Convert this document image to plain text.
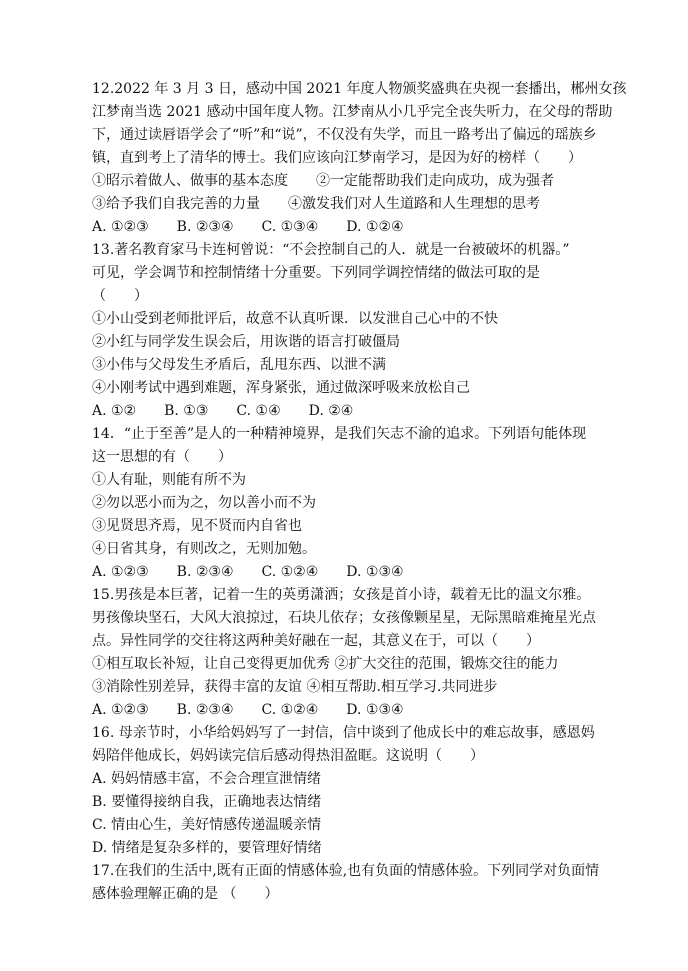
12.2022 年 3 月 3 日，感动中国 2021 年度人物颁奖盛典在央视一套播出，郴州女孩
江梦南当选 2021 感动中国年度人物。江梦南从小几乎完全丧失听力，在父母的帮助
下，通过读唇语学会了“听”和“说”，不仅没有失学，而且一路考出了偏远的瑶族乡
镇，直到考上了清华的博士。我们应该向江梦南学习，是因为好的榜样（　　）
①昭示着做人、做事的基本态度　　②一定能帮助我们走向成功，成为强者
③给予我们自我完善的力量　　④激发我们对人生道路和人生理想的思考
A. ①②③　　B. ②③④　　C. ①③④　　D. ①②④
13.著名教育家马卡连柯曾说：“不会控制自己的人．就是一台被破坏的机器。”
可见，学会调节和控制情绪十分重要。下列同学调控情绪的做法可取的是
（　　）
①小山受到老师批评后，故意不认真听课．以发泄自己心中的不快
②小红与同学发生误会后，用诙谐的语言打破僵局
③小伟与父母发生矛盾后，乱甩东西、以泄不满
④小刚考试中遇到难题，浑身紧张，通过做深呼吸来放松自己
A. ①②　　B. ①③　　C. ①④　　D. ②④
14．“止于至善”是人的一种精神境界，是我们矢志不渝的追求。下列语句能体现
这一思想的有（　　）
①人有耻，则能有所不为
②勿以恶小而为之，勿以善小而不为
③见贤思齐焉，见不贤而内自省也
④日省其身，有则改之，无则加勉。
A. ①②③　　B. ②③④　　C. ①②④　　D. ①③④
15.男孩是本巨著，记着一生的英勇潇洒；女孩是首小诗，载着无比的温文尔雅。
男孩像块坚石，大风大浪掠过，石块儿依存；女孩像颗星星，无际黑暗难掩星光点
点。异性同学的交往将这两种美好融在一起，其意义在于，可以（　　）
①相互取长补短，让自己变得更加优秀 ②扩大交往的范围，锻炼交往的能力
③消除性别差异，获得丰富的友谊 ④相互帮助.相互学习.共同进步
A. ①②③　　B. ②③④　　C. ①②④　　D. ①③④
16. 母亲节时，小华给妈妈写了一封信，信中谈到了他成长中的难忘故事，感恩妈
妈陪伴他成长，妈妈读完信后感动得热泪盈眶。这说明（　　）
A. 妈妈情感丰富，不会合理宣泄情绪
B. 要懂得接纳自我，正确地表达情绪
C. 情由心生，美好情感传递温暖亲情
D. 情绪是复杂多样的，要管理好情绪
17.在我们的生活中,既有正面的情感体验,也有负面的情感体验。下列同学对负面情
感体验理解正确的是 （　　）
